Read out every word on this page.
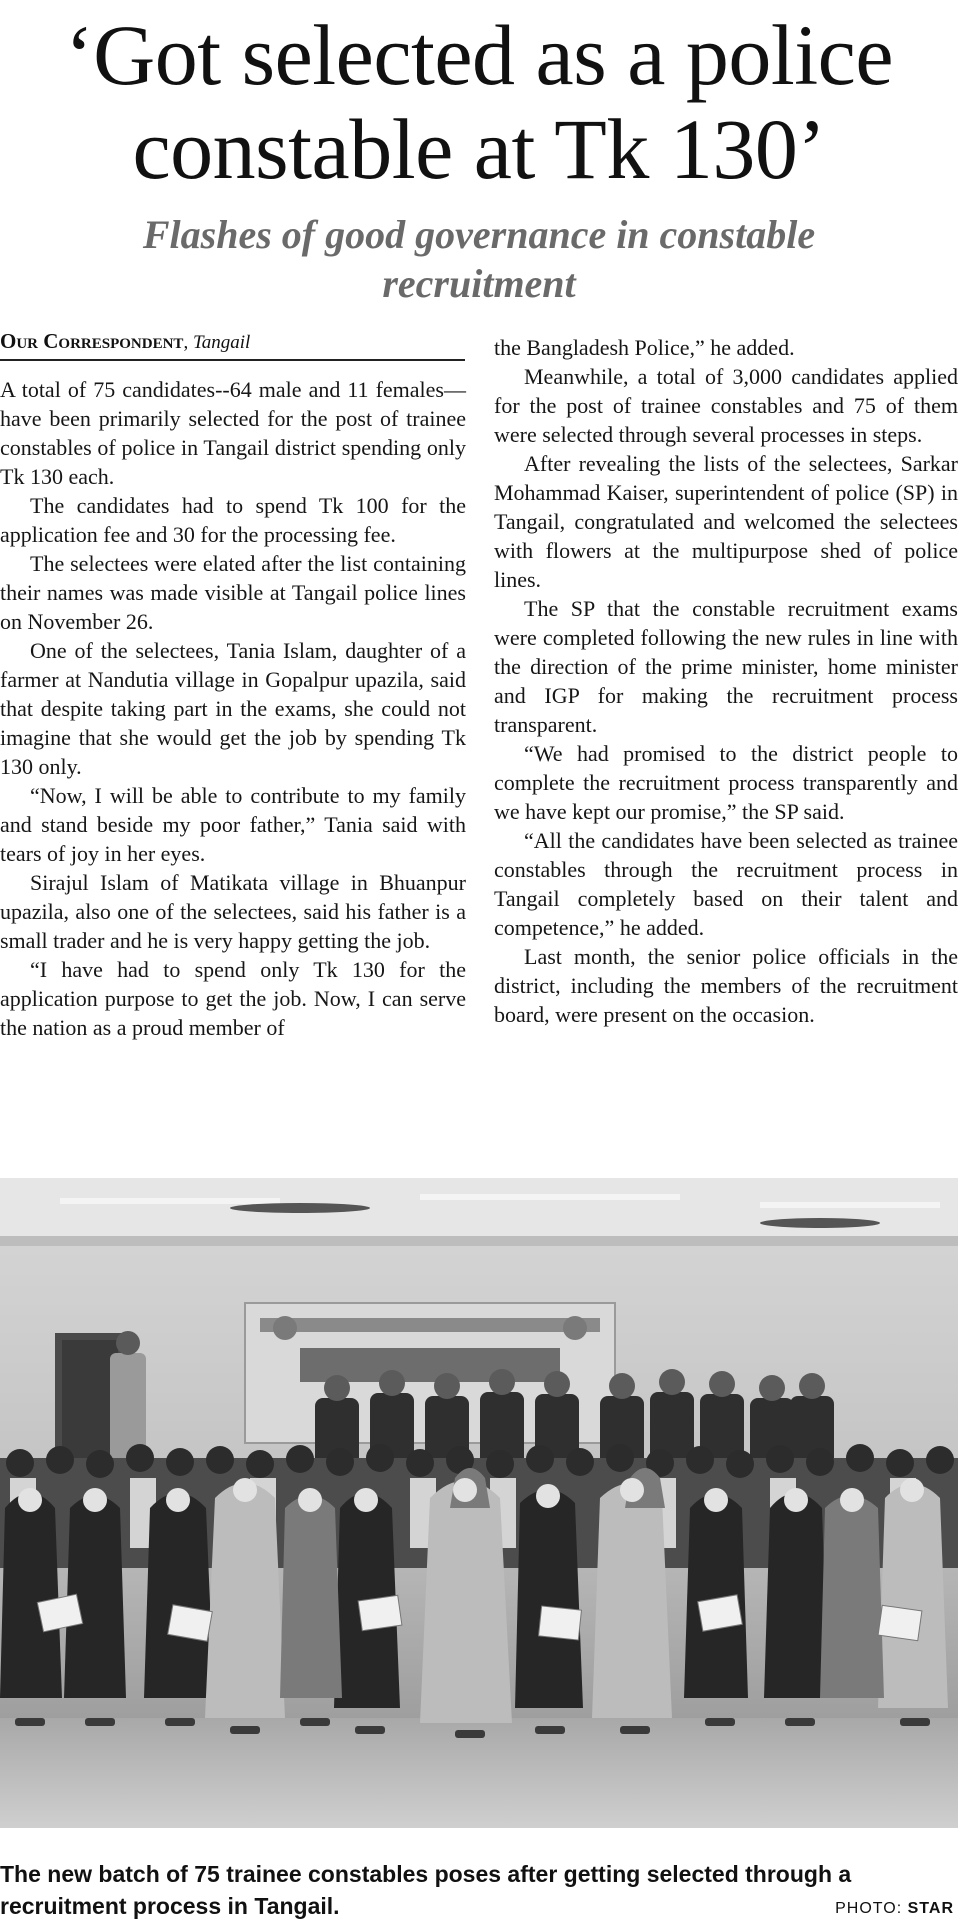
‘Got selected as a police constable at Tk 130’
Flashes of good governance in constable recruitment
Our Correspondent, Tangail

A total of 75 candidates--64 male and 11 females—have been primarily selected for the post of trainee constables of police in Tangail district spending only Tk 130 each.

The candidates had to spend Tk 100 for the application fee and 30 for the processing fee.

The selectees were elated after the list containing their names was made visible at Tangail police lines on November 26.

One of the selectees, Tania Islam, daughter of a farmer at Nandutia village in Gopalpur upazila, said that despite taking part in the exams, she could not imagine that she would get the job by spending Tk 130 only.

“Now, I will be able to contribute to my family and stand beside my poor father,” Tania said with tears of joy in her eyes.

Sirajul Islam of Matikata village in Bhuanpur upazila, also one of the selectees, said his father is a small trader and he is very happy getting the job.

“I have had to spend only Tk 130 for the application purpose to get the job. Now, I can serve the nation as a proud member of

the Bangladesh Police,” he added.

Meanwhile, a total of 3,000 candidates applied for the post of trainee constables and 75 of them were selected through several processes in steps.

After revealing the lists of the selectees, Sarkar Mohammad Kaiser, superintendent of police (SP) in Tangail, congratulated and welcomed the selectees with flowers at the multipurpose shed of police lines.

The SP that the constable recruitment exams were completed following the new rules in line with the direction of the prime minister, home minister and IGP for making the recruitment process transparent.

“We had promised to the district people to complete the recruitment process transparently and we have kept our promise,” the SP said.

“All the candidates have been selected as trainee constables through the recruitment process in Tangail completely based on their talent and competence,” he added.

Last month, the senior police officials in the district, including the members of the recruitment board, were present on the occasion.

The new batch of 75 trainee constables poses after getting selected through a recruitment process in Tangail.	PHOTO: STAR
